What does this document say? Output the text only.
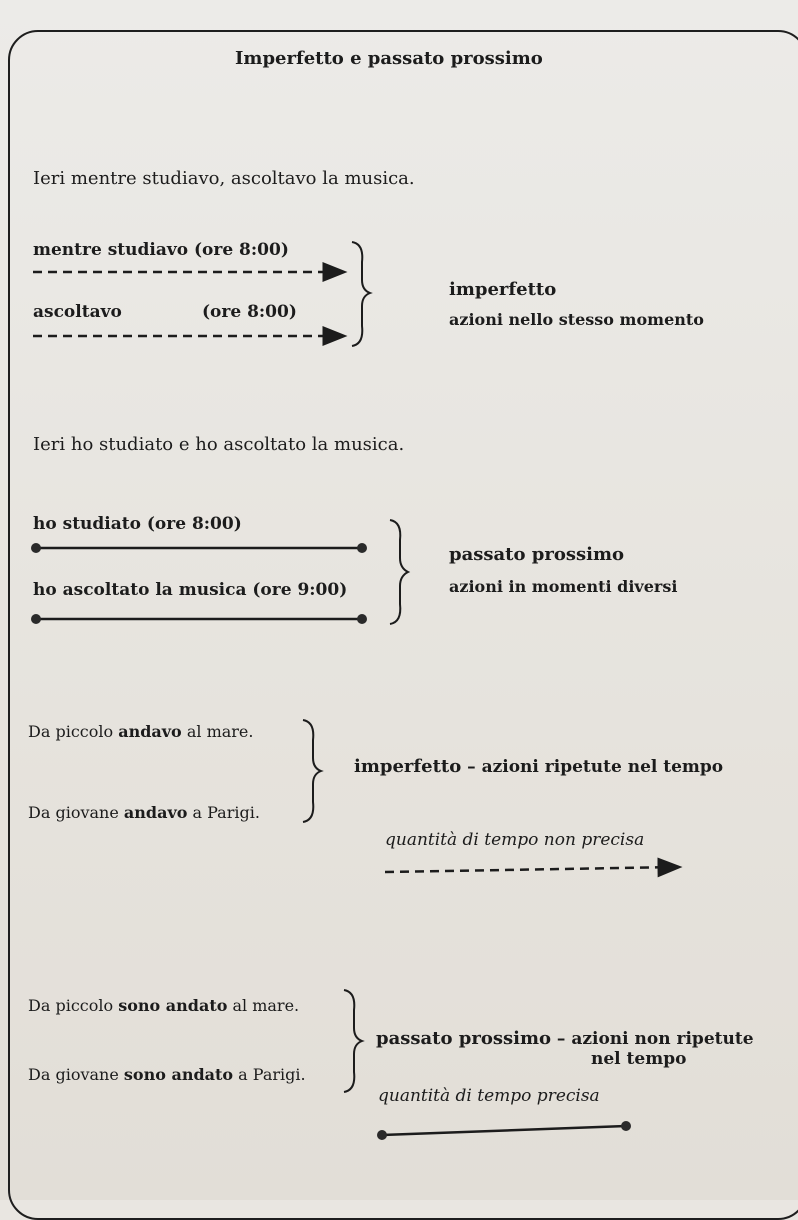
Imperfetto e passato prossimo
Ieri mentre studiavo, ascoltavo la musica.
mentre studiavo (ore 8:00)
ascoltavo	(ore 8:00)
imperfetto
azioni nello stesso momento
Ieri ho studiato e ho ascoltato la musica.
ho studiato (ore 8:00)
ho ascoltato la musica (ore 9:00)
passato prossimo
azioni in momenti diversi
Da piccolo andavo al mare.
Da giovane andavo a Parigi.
imperfetto – azioni ripetute nel tempo
quantità di tempo non precisa
Da piccolo sono andato al mare.
Da giovane sono andato a Parigi.
passato prossimo – azioni non ripetute
nel tempo
quantità di tempo precisa
